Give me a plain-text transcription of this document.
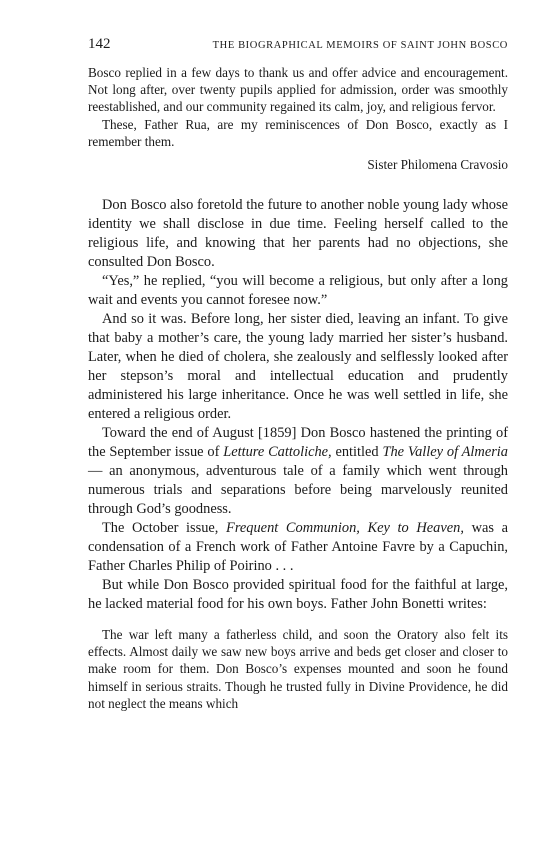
142	THE BIOGRAPHICAL MEMOIRS OF SAINT JOHN BOSCO

Bosco replied in a few days to thank us and offer advice and encouragement. Not long after, over twenty pupils applied for admission, order was smoothly reestablished, and our community regained its calm, joy, and religious fervor.

These, Father Rua, are my reminiscences of Don Bosco, exactly as I remember them.

Sister Philomena Cravosio

Don Bosco also foretold the future to another noble young lady whose identity we shall disclose in due time. Feeling herself called to the religious life, and knowing that her parents had no objections, she consulted Don Bosco.

“Yes,” he replied, “you will become a religious, but only after a long wait and events you cannot foresee now.”

And so it was. Before long, her sister died, leaving an infant. To give that baby a mother’s care, the young lady married her sister’s husband. Later, when he died of cholera, she zealously and selflessly looked after her stepson’s moral and intellectual education and prudently administered his large inheritance. Once he was well settled in life, she entered a religious order.

Toward the end of August [1859] Don Bosco hastened the printing of the September issue of Letture Cattoliche, entitled The Valley of Almeria — an anonymous, adventurous tale of a family which went through numerous trials and separations before being marvelously reunited through God’s goodness.

The October issue, Frequent Communion, Key to Heaven, was a condensation of a French work of Father Antoine Favre by a Capuchin, Father Charles Philip of Poirino . . .

But while Don Bosco provided spiritual food for the faithful at large, he lacked material food for his own boys. Father John Bonetti writes:

The war left many a fatherless child, and soon the Oratory also felt its effects. Almost daily we saw new boys arrive and beds get closer and closer to make room for them. Don Bosco’s expenses mounted and soon he found himself in serious straits. Though he trusted fully in Divine Providence, he did not neglect the means which
